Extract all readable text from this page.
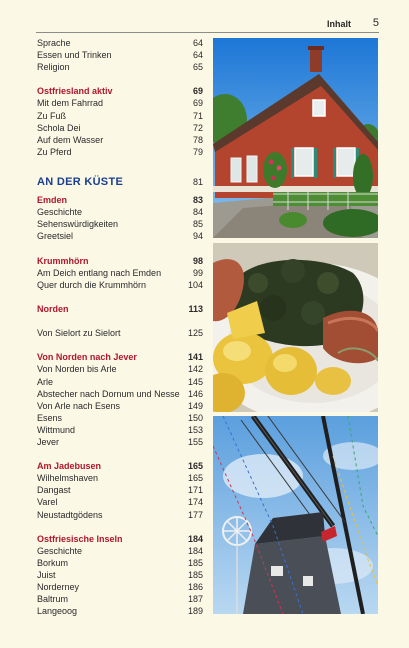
Inhalt 5
Sprache	64
Essen und Trinken	64
Religion	65
Ostfriesland aktiv	69
Mit dem Fahrrad	69
Zu Fuß	71
Schola Dei	72
Auf dem Wasser	78
Zu Pferd	79
AN DER KÜSTE	81
Emden	83
Geschichte	84
Sehenswürdigkeiten	85
Greetsiel	94
Krummhörn	98
Am Deich entlang nach Emden	99
Quer durch die Krummhörn	104
Norden	113
Von Sielort zu Sielort	125
Von Norden nach Jever	141
Von Norden bis Arle	142
Arle	145
Abstecher nach Dornum und Nesse 146
Von Arle nach Esens	149
Esens	150
Wittmund	153
Jever	155
Am Jadebusen	165
Wilhelmshaven	165
Dangast	171
Varel	174
Neustadtgödens	177
Ostfriesische Inseln	184
Geschichte	184
Borkum	185
Juist	185
Norderney	186
Baltrum	187
Langeoog	189
